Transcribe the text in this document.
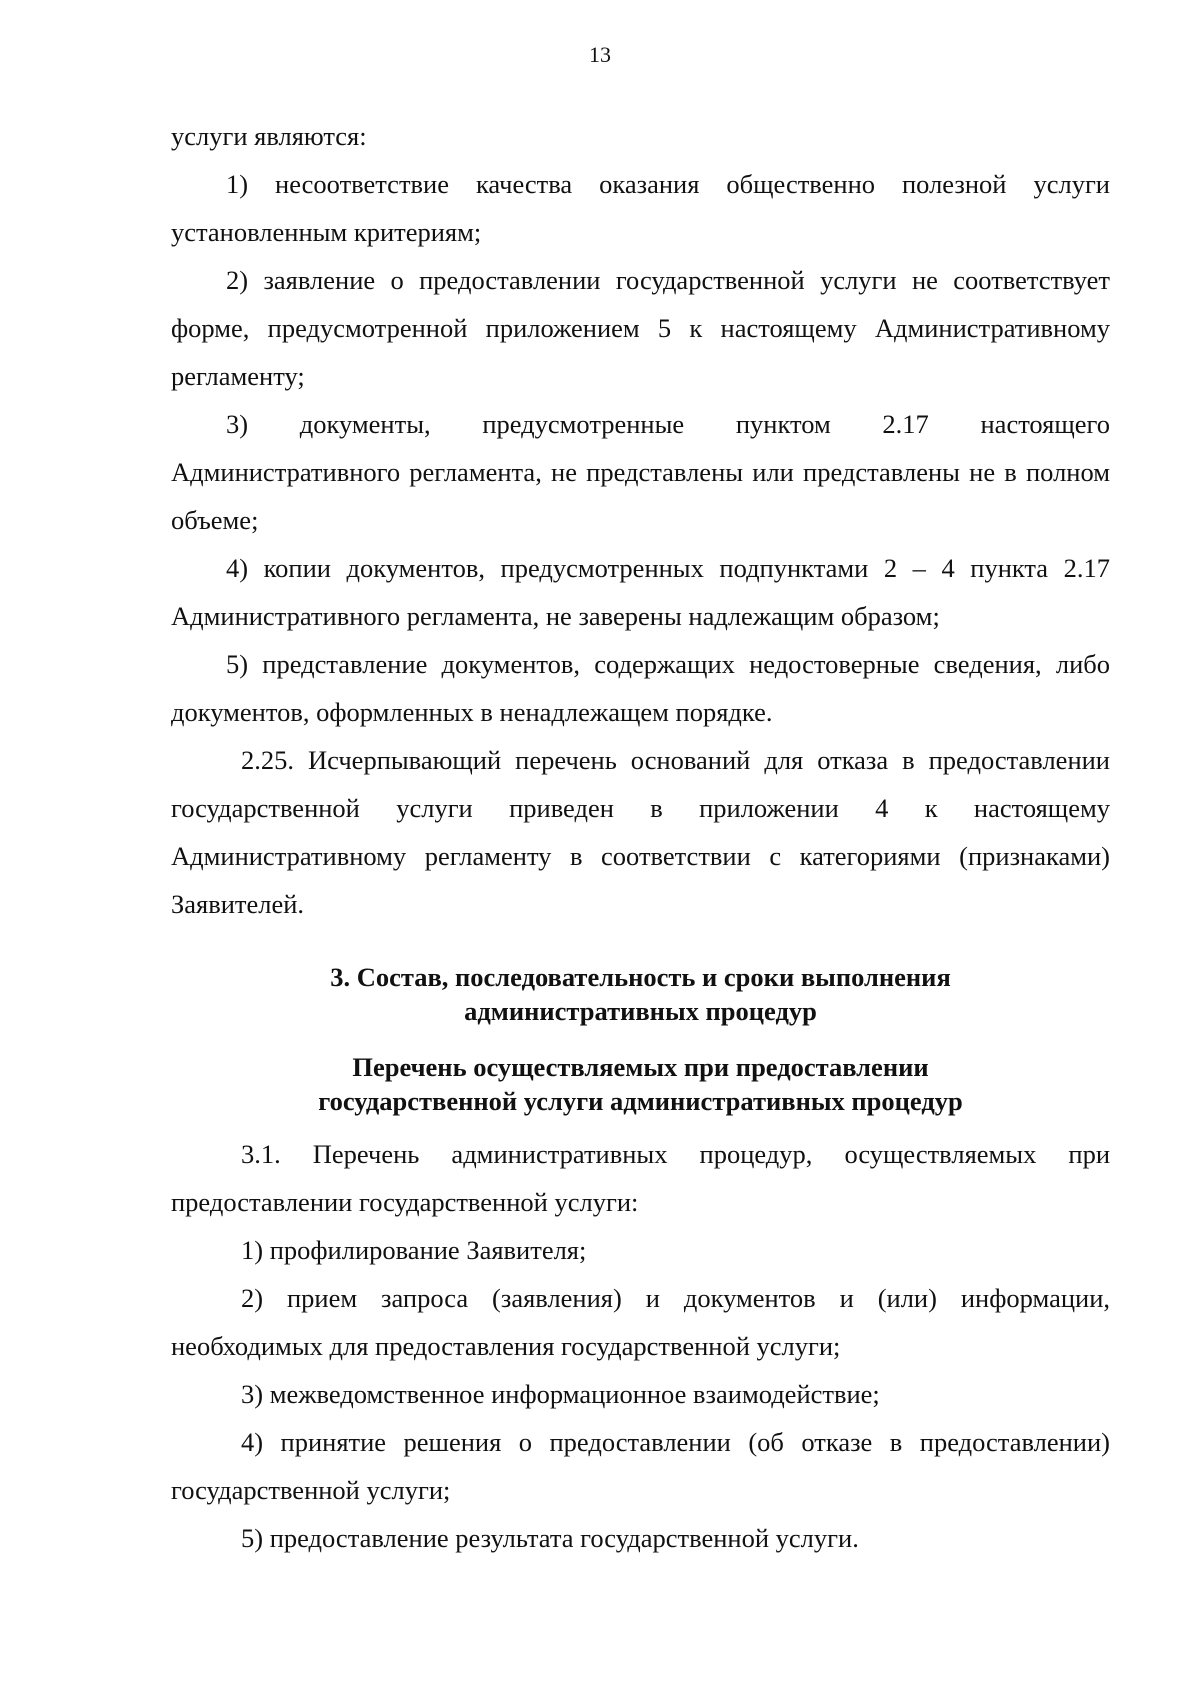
13

услуги являются:

1) несоответствие качества оказания общественно полезной услуги установленным критериям;

2) заявление о предоставлении государственной услуги не соответствует форме, предусмотренной приложением 5 к настоящему Административному регламенту;

3) документы, предусмотренные пунктом 2.17 настоящего Административного регламента, не представлены или представлены не в полном объеме;

4) копии документов, предусмотренных подпунктами 2 – 4 пункта 2.17 Административного регламента, не заверены надлежащим образом;

5) представление документов, содержащих недостоверные сведения, либо документов, оформленных в ненадлежащем порядке.

2.25. Исчерпывающий перечень оснований для отказа в предоставлении государственной услуги приведен в приложении 4 к настоящему Административному регламенту в соответствии с категориями (признаками) Заявителей.

3. Состав, последовательность и сроки выполнения
административных процедур
Перечень осуществляемых при предоставлении
государственной услуги административных процедур

3.1. Перечень административных процедур, осуществляемых при предоставлении государственной услуги:

1) профилирование Заявителя;

2) прием запроса (заявления) и документов и (или) информации, необходимых для предоставления государственной услуги;

3) межведомственное информационное взаимодействие;

4) принятие решения о предоставлении (об отказе в предоставлении) государственной услуги;

5) предоставление результата государственной услуги.
